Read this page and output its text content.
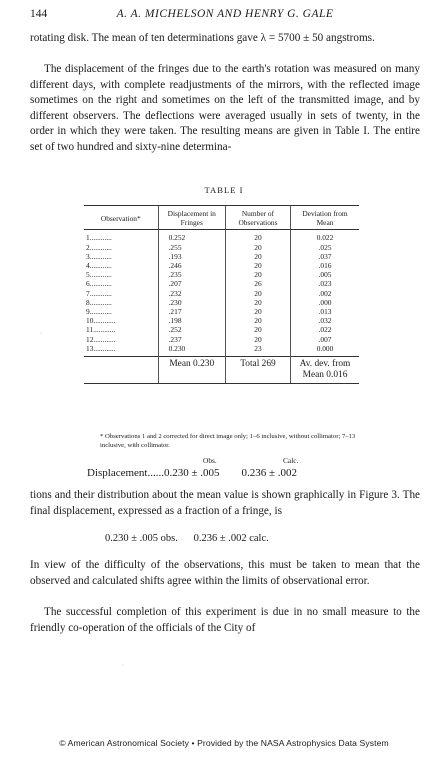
144	A. A. MICHELSON AND HENRY G. GALE

rotating disk. The mean of ten determinations gave λ = 5700 ± 50 angstroms.

The displacement of the fringes due to the earth's rotation was measured on many different days, with complete readjustments of the mirrors, with the reflected image sometimes on the right and sometimes on the left of the transmitted image, and by different observers. The deflections were averaged usually in sets of twenty, in the order in which they were taken. The resulting means are given in Table I. The entire set of two hundred and sixty-nine determina-

TABLE I
Observation*	Displacement in Fringes	Number of Observations	Deviation from Mean
1............	0.252	20	0.022
2............	.255	20	.025
3............	.193	20	.037
4............	.246	20	.016
5............	.235	20	.005
6............	.207	26	.023
7............	.232	20	.002
8............	.230	20	.000
9............	.217	20	.013
10............	.198	20	.032
11............	.252	20	.022
12............	.237	20	.007
13............	0.230	23	0.000
	Mean 0.230	Total 269	Av. dev. from Mean 0.016

* Observations 1 and 2 corrected for direct image only; 1–6 inclusive, without collimator; 7–13 inclusive, with collimator.

Obs.	Calc.
Displacement......0.230 ± .005        0.236 ± .002

tions and their distribution about the mean value is shown graphically in Figure 3. The final displacement, expressed as a fraction of a fringe, is

0.230 ± .005 obs.      0.236 ± .002 calc.

In view of the difficulty of the observations, this must be taken to mean that the observed and calculated shifts agree within the limits of observational error.

The successful completion of this experiment is due in no small measure to the friendly co-operation of the officials of the City of

·
·
© American Astronomical Society • Provided by the NASA Astrophysics Data System
